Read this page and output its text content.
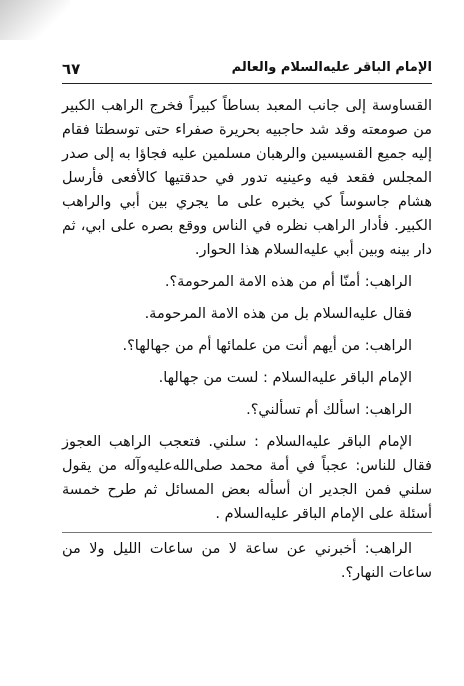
الإمام الباقر عليه‌السلام والعالم
٦٧

القساوسة إلى جانب المعبد بساطاً كبيراً فخرج الراهب الكبير من صومعته وقد شد حاجبيه بحريرة صفراء حتى توسطتا فقام إليه جميع القسيسين والرهبان مسلمين عليه فجاؤا به إلى صدر المجلس فقعد فيه وعينيه تدور في حدقتيها كالأفعى فأرسل هشام جاسوساً كي يخبره على ما يجري بين أبي والراهب الكبير. فأدار الراهب نظره في الناس ووقع بصره على ابي، ثم دار بينه وبين أبي عليه‌السلام هذا الحوار.

الراهب: أمنّا أم من هذه الامة المرحومة؟.

فقال عليه‌السلام بل من هذه الامة المرحومة.

الراهب: من أيهم أنت من علمائها أم من جهالها؟.

الإمام الباقر عليه‌السلام : لست من جهالها.

الراهب: اسألك أم تسألني؟.

الإمام الباقر عليه‌السلام : سلني. فتعجب الراهب العجوز فقال للناس: عجباً في أمة محمد صلى‌الله‌عليه‌وآله من يقول سلني فمن الجدير ان أسأله بعض المسائل ثم طرح خمسة أسئلة على الإمام الباقر عليه‌السلام .

الراهب: أخبرني عن ساعة لا من ساعات الليل ولا من ساعات النهار؟.
